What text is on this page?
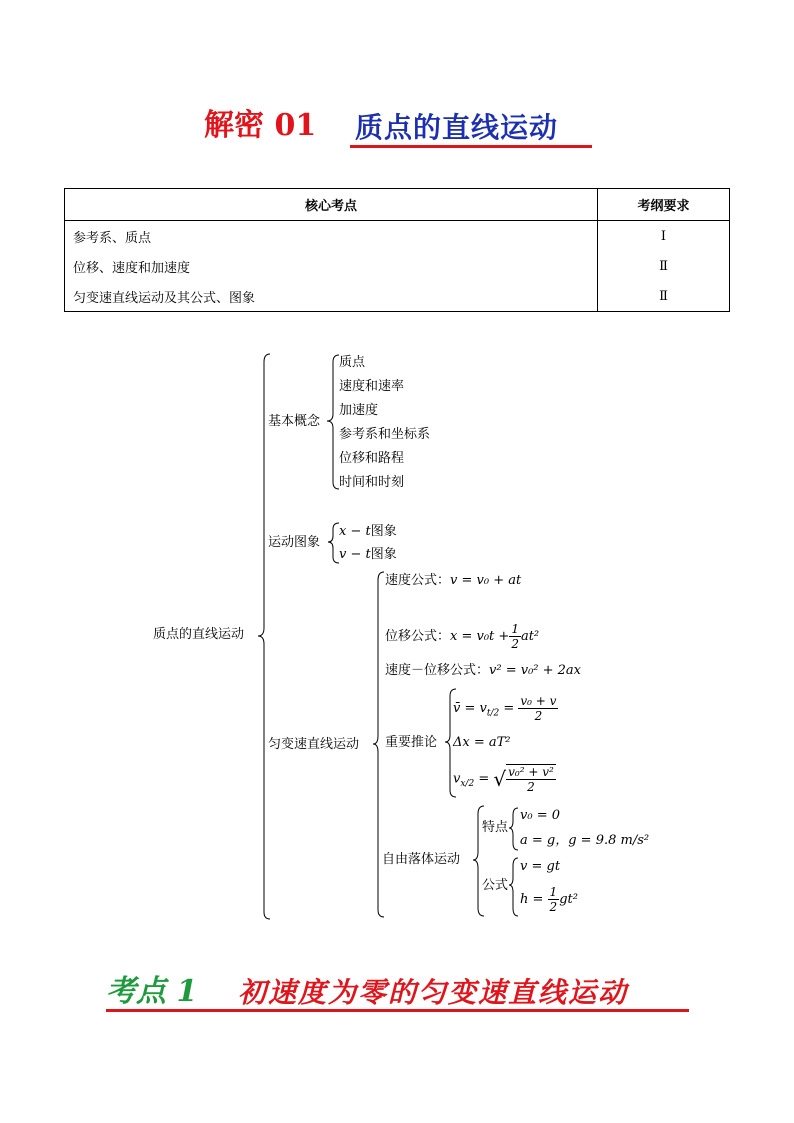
解密 01 质点的直线运动
核心考点	考纲要求
参考系、质点	Ⅰ
位移、速度和加速度	Ⅱ
匀变速直线运动及其公式、图象	Ⅱ
质点的直线运动
基本概念
质点
速度和速率
加速度
参考系和坐标系
位移和路程
时间和时刻
运动图象
x − t图象
v − t图象
匀变速直线运动
速度公式：v = v₀ + at
位移公式：$x = v_0t + \frac{1}{2} at^2$
速度－位移公式：v² = v₀² + 2ax
重要推论
v̄ = $v_{t/2} = \frac{\text{v₀ + v}}{2}$
Δx = aT²
$v_{x/2}$ = √ $\frac{\text{v₀² + v²}}{2}$
自由落体运动
特点
v₀ = 0
a = g，g = 9.8 m/s²
公式
v = gt
$h = \frac{1}{2} gt^2$
考点 1 初速度为零的匀变速直线运动
